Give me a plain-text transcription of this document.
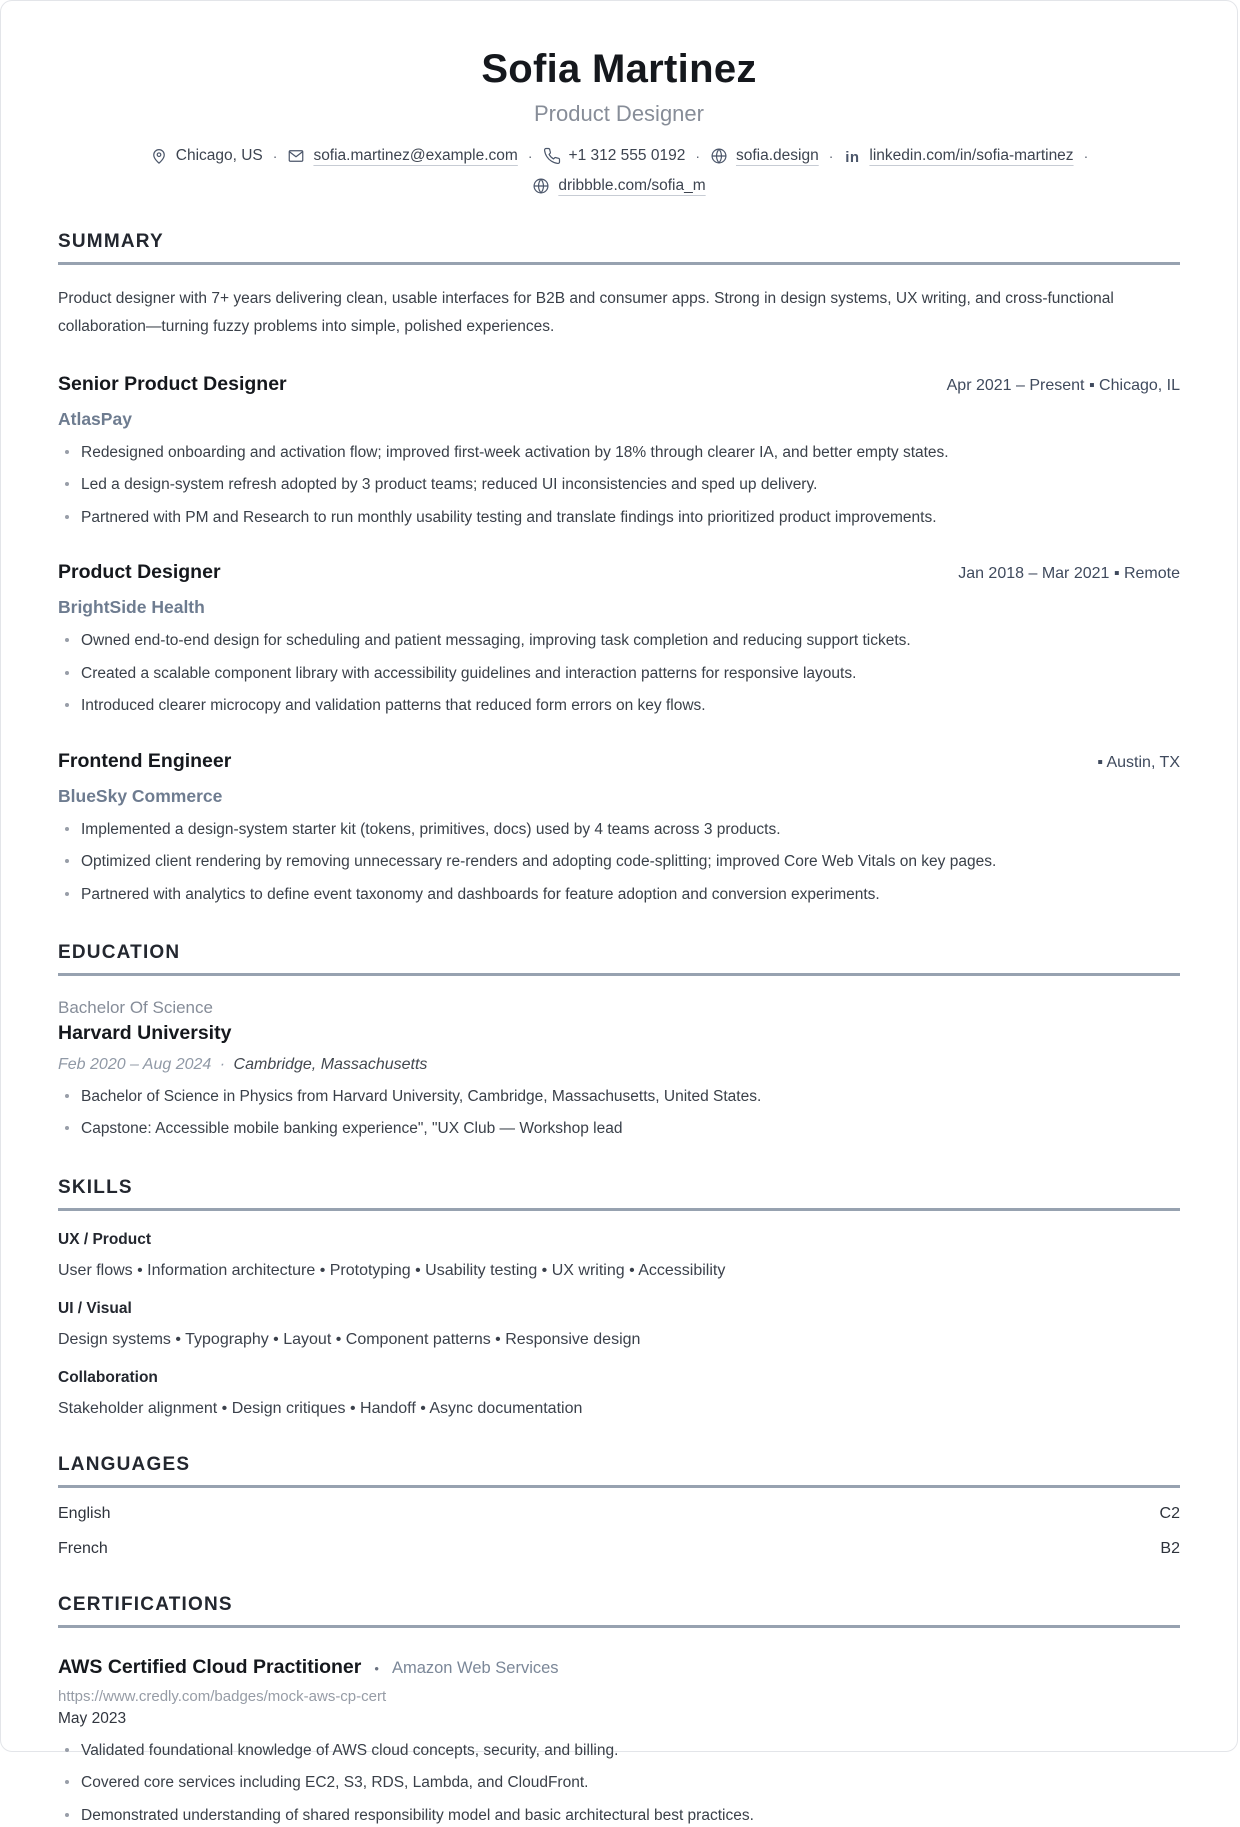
Sofia Martinez
Product Designer
Chicago, US · sofia.martinez@example.com · +1 312 555 0192 · sofia.design · in linkedin.com/in/sofia-martinez ·
dribbble.com/sofia_m
SUMMARY

Product designer with 7+ years delivering clean, usable interfaces for B2B and consumer apps. Strong in design systems, UX writing, and cross-functional collaboration—turning fuzzy problems into simple, polished experiences.

Senior Product Designer	Apr 2021 – Present ▪ Chicago, IL
AtlasPay
Redesigned onboarding and activation flow; improved first-week activation by 18% through clearer IA, and better empty states.
Led a design-system refresh adopted by 3 product teams; reduced UI inconsistencies and sped up delivery.
Partnered with PM and Research to run monthly usability testing and translate findings into prioritized product improvements.
Product Designer	Jan 2018 – Mar 2021 ▪ Remote
BrightSide Health
Owned end-to-end design for scheduling and patient messaging, improving task completion and reducing support tickets.
Created a scalable component library with accessibility guidelines and interaction patterns for responsive layouts.
Introduced clearer microcopy and validation patterns that reduced form errors on key flows.
Frontend Engineer	▪ Austin, TX
BlueSky Commerce
Implemented a design-system starter kit (tokens, primitives, docs) used by 4 teams across 3 products.
Optimized client rendering by removing unnecessary re-renders and adopting code-splitting; improved Core Web Vitals on key pages.
Partnered with analytics to define event taxonomy and dashboards for feature adoption and conversion experiments.
EDUCATION
Bachelor Of Science
Harvard University
Feb 2020 – Aug 2024 · Cambridge, Massachusetts
Bachelor of Science in Physics from Harvard University, Cambridge, Massachusetts, United States.
Capstone: Accessible mobile banking experience", "UX Club — Workshop lead
SKILLS
UX / Product
User flows • Information architecture • Prototyping • Usability testing • UX writing • Accessibility
UI / Visual
Design systems • Typography • Layout • Component patterns • Responsive design
Collaboration
Stakeholder alignment • Design critiques • Handoff • Async documentation
LANGUAGES
English	C2
French	B2
CERTIFICATIONS
AWS Certified Cloud Practitioner • Amazon Web Services
https://www.credly.com/badges/mock-aws-cp-cert
May 2023
Validated foundational knowledge of AWS cloud concepts, security, and billing.
Covered core services including EC2, S3, RDS, Lambda, and CloudFront.
Demonstrated understanding of shared responsibility model and basic architectural best practices.
